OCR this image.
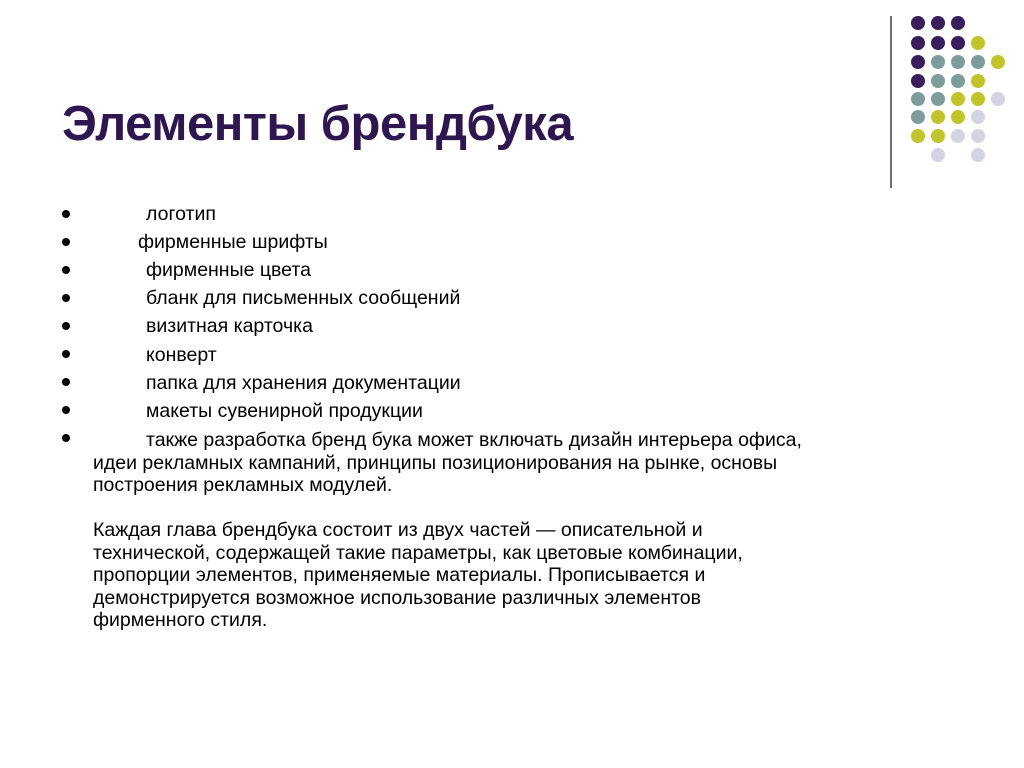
Элементы брендбука
логотип
фирменные шрифты
фирменные цвета
бланк для письменных сообщений
визитная карточка
конверт
папка для хранения документации
макеты сувенирной продукции
также разработка бренд бука может включать дизайн интерьера офиса,
идеи рекламных кампаний, принципы позиционирования на рынке, основы
построения рекламных модулей.
Каждая глава брендбука состоит из двух частей — описательной и
технической, содержащей такие параметры, как цветовые комбинации,
пропорции элементов, применяемые материалы. Прописывается и
демонстрируется возможное использование различных элементов
фирменного стиля.
